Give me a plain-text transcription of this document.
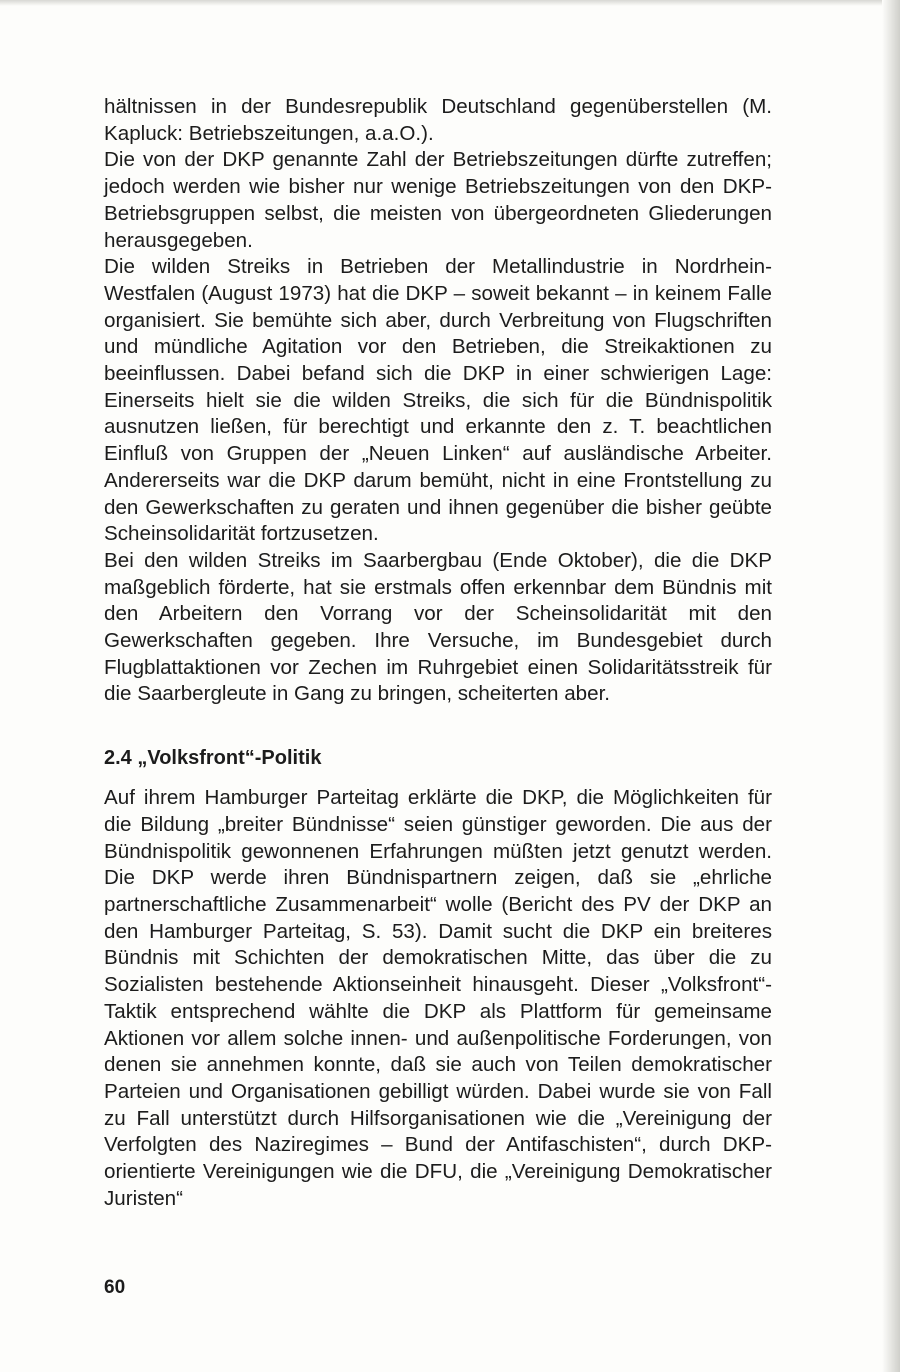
hältnissen in der Bundesrepublik Deutschland gegenüberstellen (M. Kapluck: Betriebszeitungen, a.a.O.).

Die von der DKP genannte Zahl der Betriebszeitungen dürfte zutreffen; jedoch werden wie bisher nur wenige Betriebszeitungen von den DKP-Betriebsgruppen selbst, die meisten von übergeordneten Gliederungen herausgegeben.

Die wilden Streiks in Betrieben der Metallindustrie in Nordrhein-Westfalen (August 1973) hat die DKP – soweit bekannt – in keinem Falle organisiert. Sie bemühte sich aber, durch Verbreitung von Flugschriften und mündliche Agitation vor den Betrieben, die Streikaktionen zu beeinflussen. Dabei befand sich die DKP in einer schwierigen Lage: Einerseits hielt sie die wilden Streiks, die sich für die Bündnispolitik ausnutzen ließen, für berechtigt und erkannte den z. T. beachtlichen Einfluß von Gruppen der „Neuen Linken“ auf ausländische Arbeiter. Andererseits war die DKP darum bemüht, nicht in eine Frontstellung zu den Gewerkschaften zu geraten und ihnen gegenüber die bisher geübte Scheinsolidarität fortzusetzen.

Bei den wilden Streiks im Saarbergbau (Ende Oktober), die die DKP maßgeblich förderte, hat sie erstmals offen erkennbar dem Bündnis mit den Arbeitern den Vorrang vor der Scheinsolidarität mit den Gewerkschaften gegeben. Ihre Versuche, im Bundesgebiet durch Flugblattaktionen vor Zechen im Ruhrgebiet einen Solidaritätsstreik für die Saarbergleute in Gang zu bringen, scheiterten aber.

2.4 „Volksfront“-Politik

Auf ihrem Hamburger Parteitag erklärte die DKP, die Möglichkeiten für die Bildung „breiter Bündnisse“ seien günstiger geworden. Die aus der Bündnispolitik gewonnenen Erfahrungen müßten jetzt genutzt werden. Die DKP werde ihren Bündnispartnern zeigen, daß sie „ehrliche partnerschaftliche Zusammenarbeit“ wolle (Bericht des PV der DKP an den Hamburger Parteitag, S. 53). Damit sucht die DKP ein breiteres Bündnis mit Schichten der demokratischen Mitte, das über die zu Sozialisten bestehende Aktionseinheit hinausgeht. Dieser „Volksfront“-Taktik entsprechend wählte die DKP als Plattform für gemeinsame Aktionen vor allem solche innen- und außenpolitische Forderungen, von denen sie annehmen konnte, daß sie auch von Teilen demokratischer Parteien und Organisationen gebilligt würden. Dabei wurde sie von Fall zu Fall unterstützt durch Hilfsorganisationen wie die „Vereinigung der Verfolgten des Naziregimes – Bund der Antifaschisten“, durch DKP-orientierte Vereinigungen wie die DFU, die „Vereinigung Demokratischer Juristen“

60
